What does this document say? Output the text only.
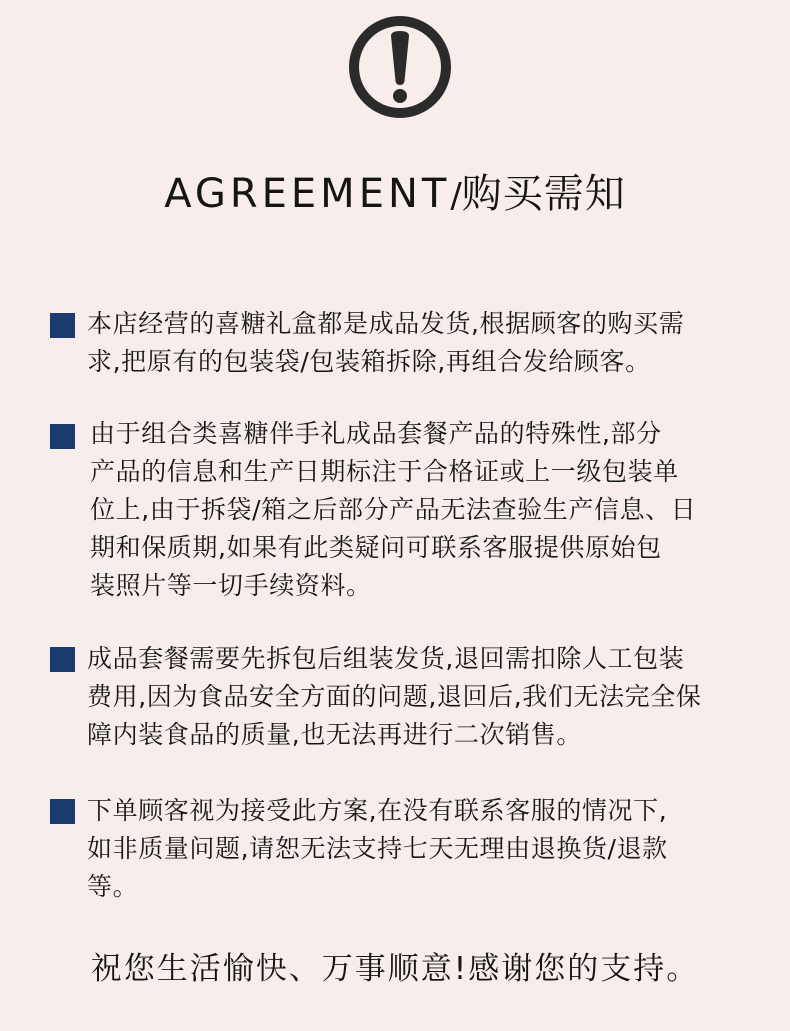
AGREEMENT/购买需知
本店经营的喜糖礼盒都是成品发货,根据顾客的购买需
求,把原有的包装袋/包装箱拆除,再组合发给顾客。
由于组合类喜糖伴手礼成品套餐产品的特殊性,部分
产品的信息和生产日期标注于合格证或上一级包装单
位上,由于拆袋/箱之后部分产品无法查验生产信息、日
期和保质期,如果有此类疑问可联系客服提供原始包
装照片等一切手续资料。
成品套餐需要先拆包后组装发货,退回需扣除人工包装
费用,因为食品安全方面的问题,退回后,我们无法完全保
障内装食品的质量,也无法再进行二次销售。
下单顾客视为接受此方案,在没有联系客服的情况下,
如非质量问题,请恕无法支持七天无理由退换货/退款
等。
祝您生活愉快、万事顺意!感谢您的支持。
